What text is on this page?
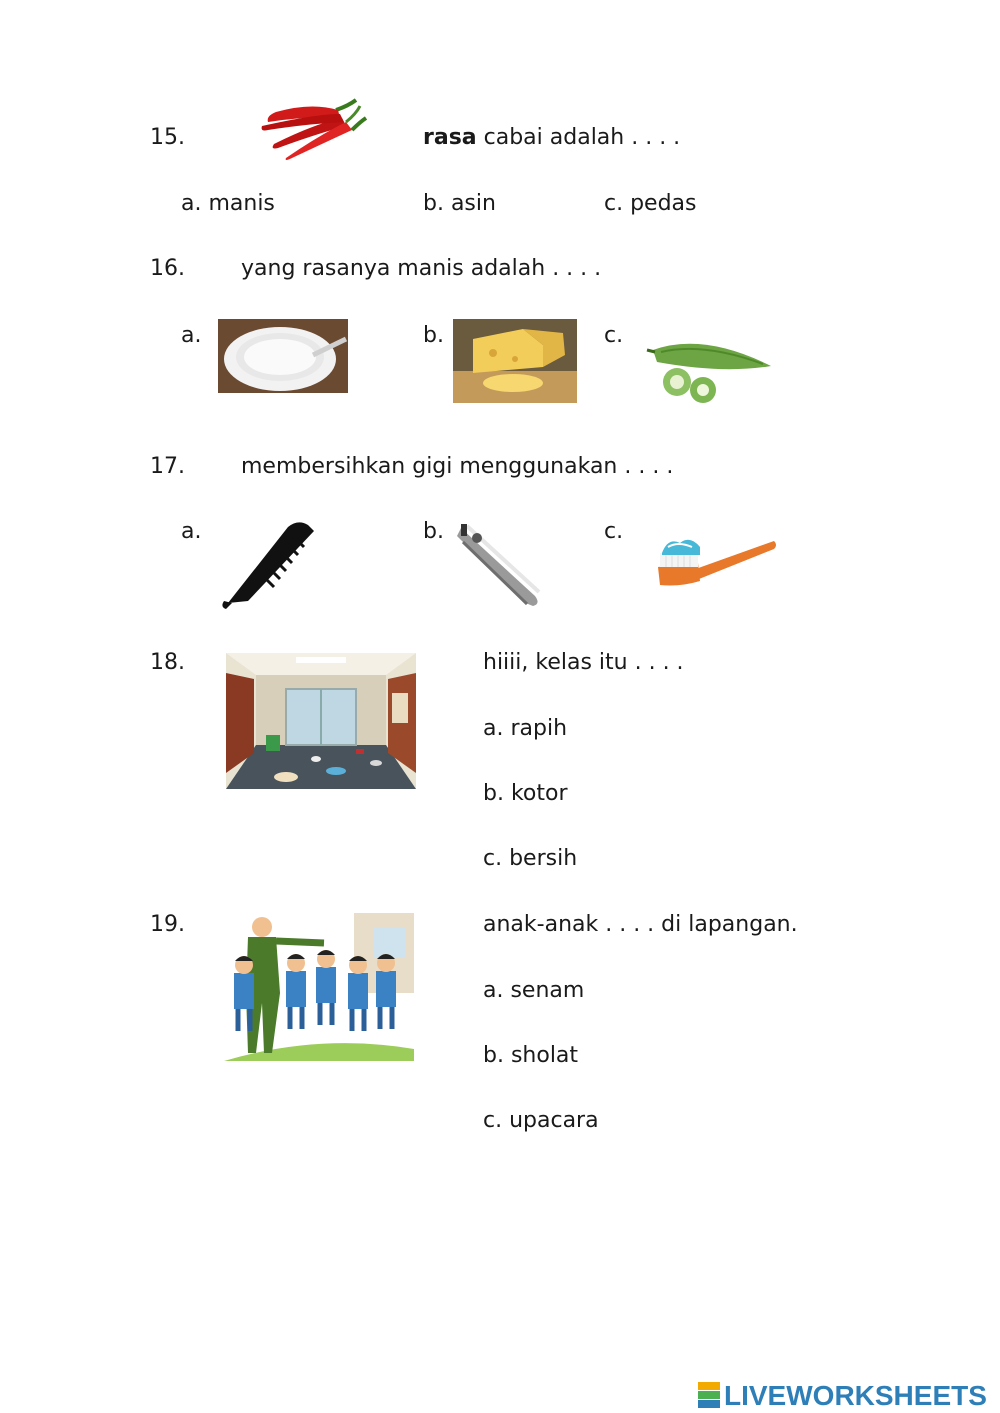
15.	rasa cabai adalah . . . .
a. manis	b. asin	c. pedas
16.	yang rasanya manis adalah . . . .
a.	b.	c.
17.	membersihkan gigi menggunakan . . . .
a.	b.	c.
18.	hiiii, kelas itu . . . .
a. rapih
b. kotor
c. bersih
19.	anak-anak . . . . di lapangan.
a. senam
b. sholat
c. upacara
LIVEWORKSHEETS
